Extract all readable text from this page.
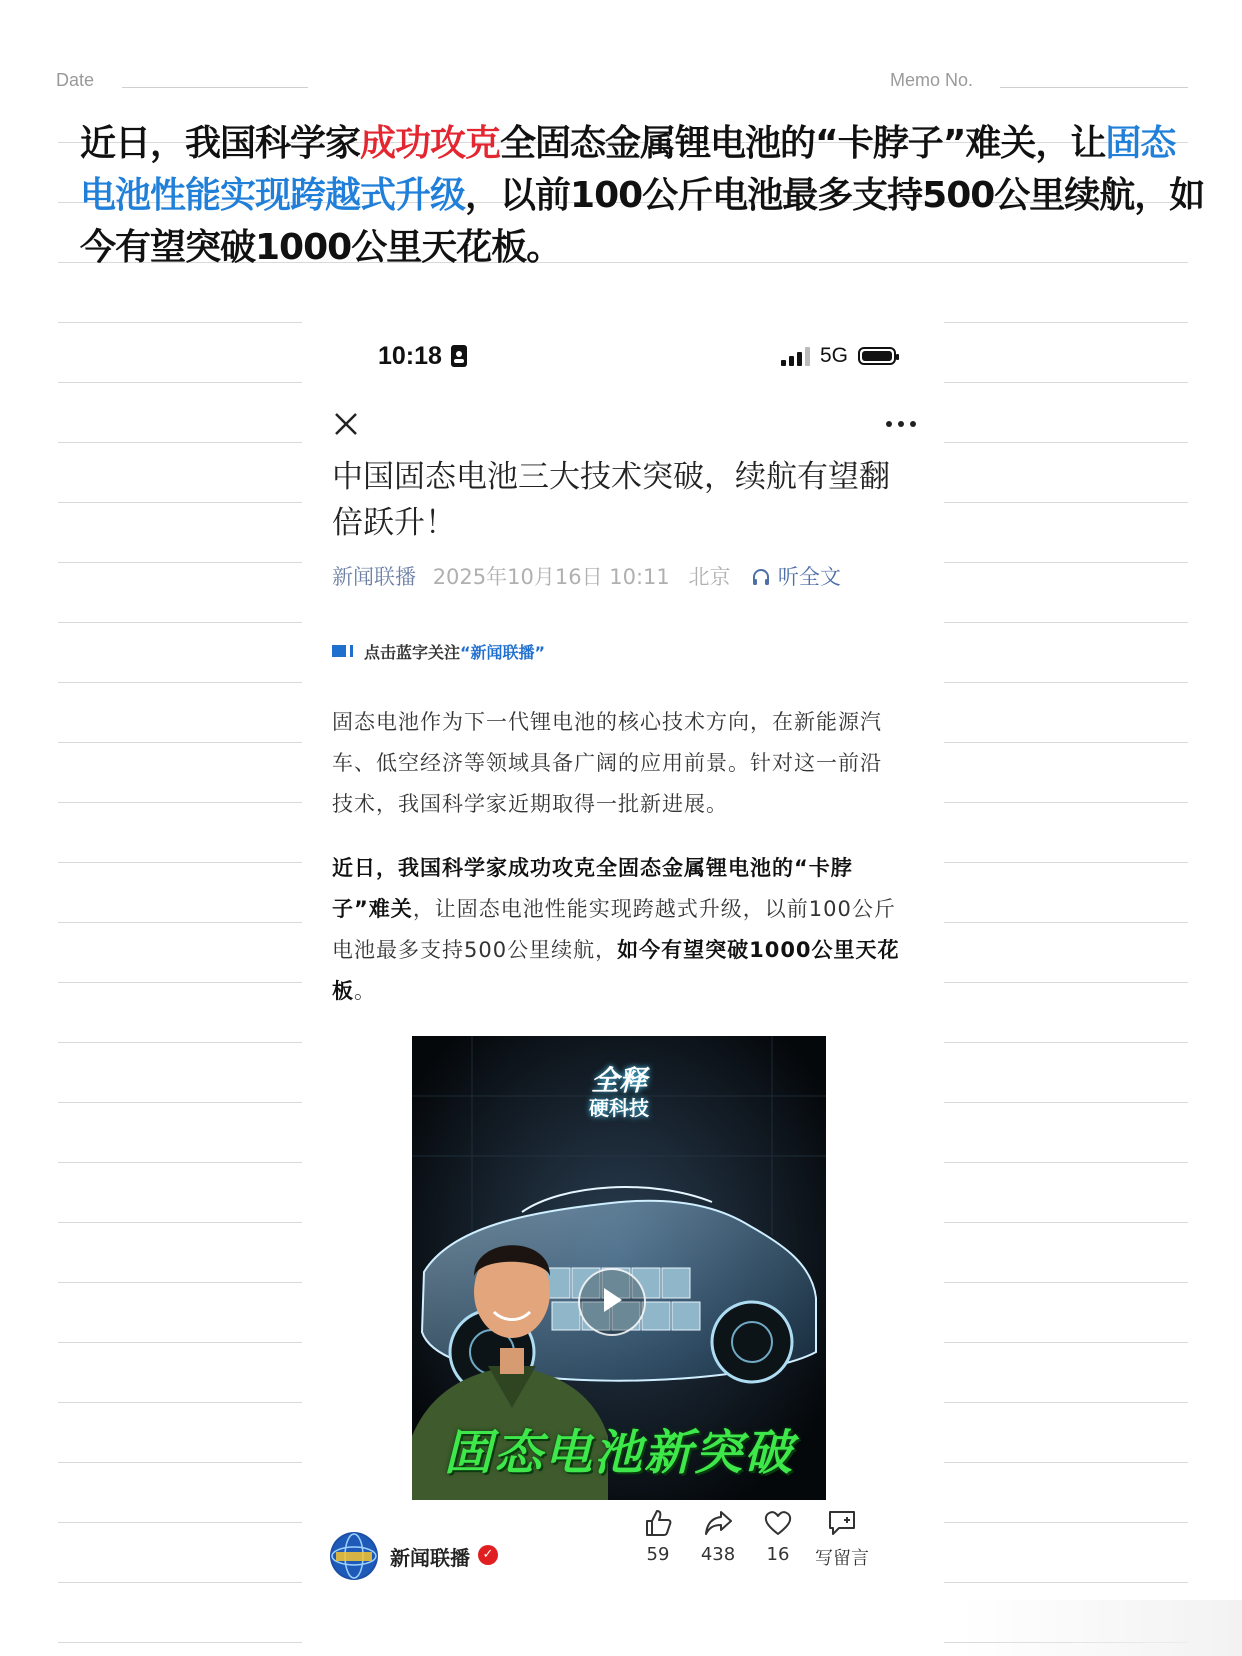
Date	Memo No.
近日，我国科学家成功攻克全固态金属锂电池的“卡脖子”难关，让固态电池性能实现跨越式升级，以前100公斤电池最多支持500公里续航，如今有望突破1000公里天花板。
10:18	5G
中国固态电池三大技术突破，续航有望翻倍跃升！
新闻联播 2025年10月16日 10:11 北京 听全文
点击蓝字关注 “新闻联播”
固态电池作为下一代锂电池的核心技术方向，在新能源汽车、低空经济等领域具备广阔的应用前景。针对这一前沿技术，我国科学家近期取得一批新进展。
近日，我国科学家成功攻克全固态金属锂电池的“卡脖子”难关，让固态电池性能实现跨越式升级，以前100公斤电池最多支持500公里续航，如今有望突破1000公里天花板。
全释
硬科技
固态电池新突破
新闻联播 ✓	59	438	16	写留言
